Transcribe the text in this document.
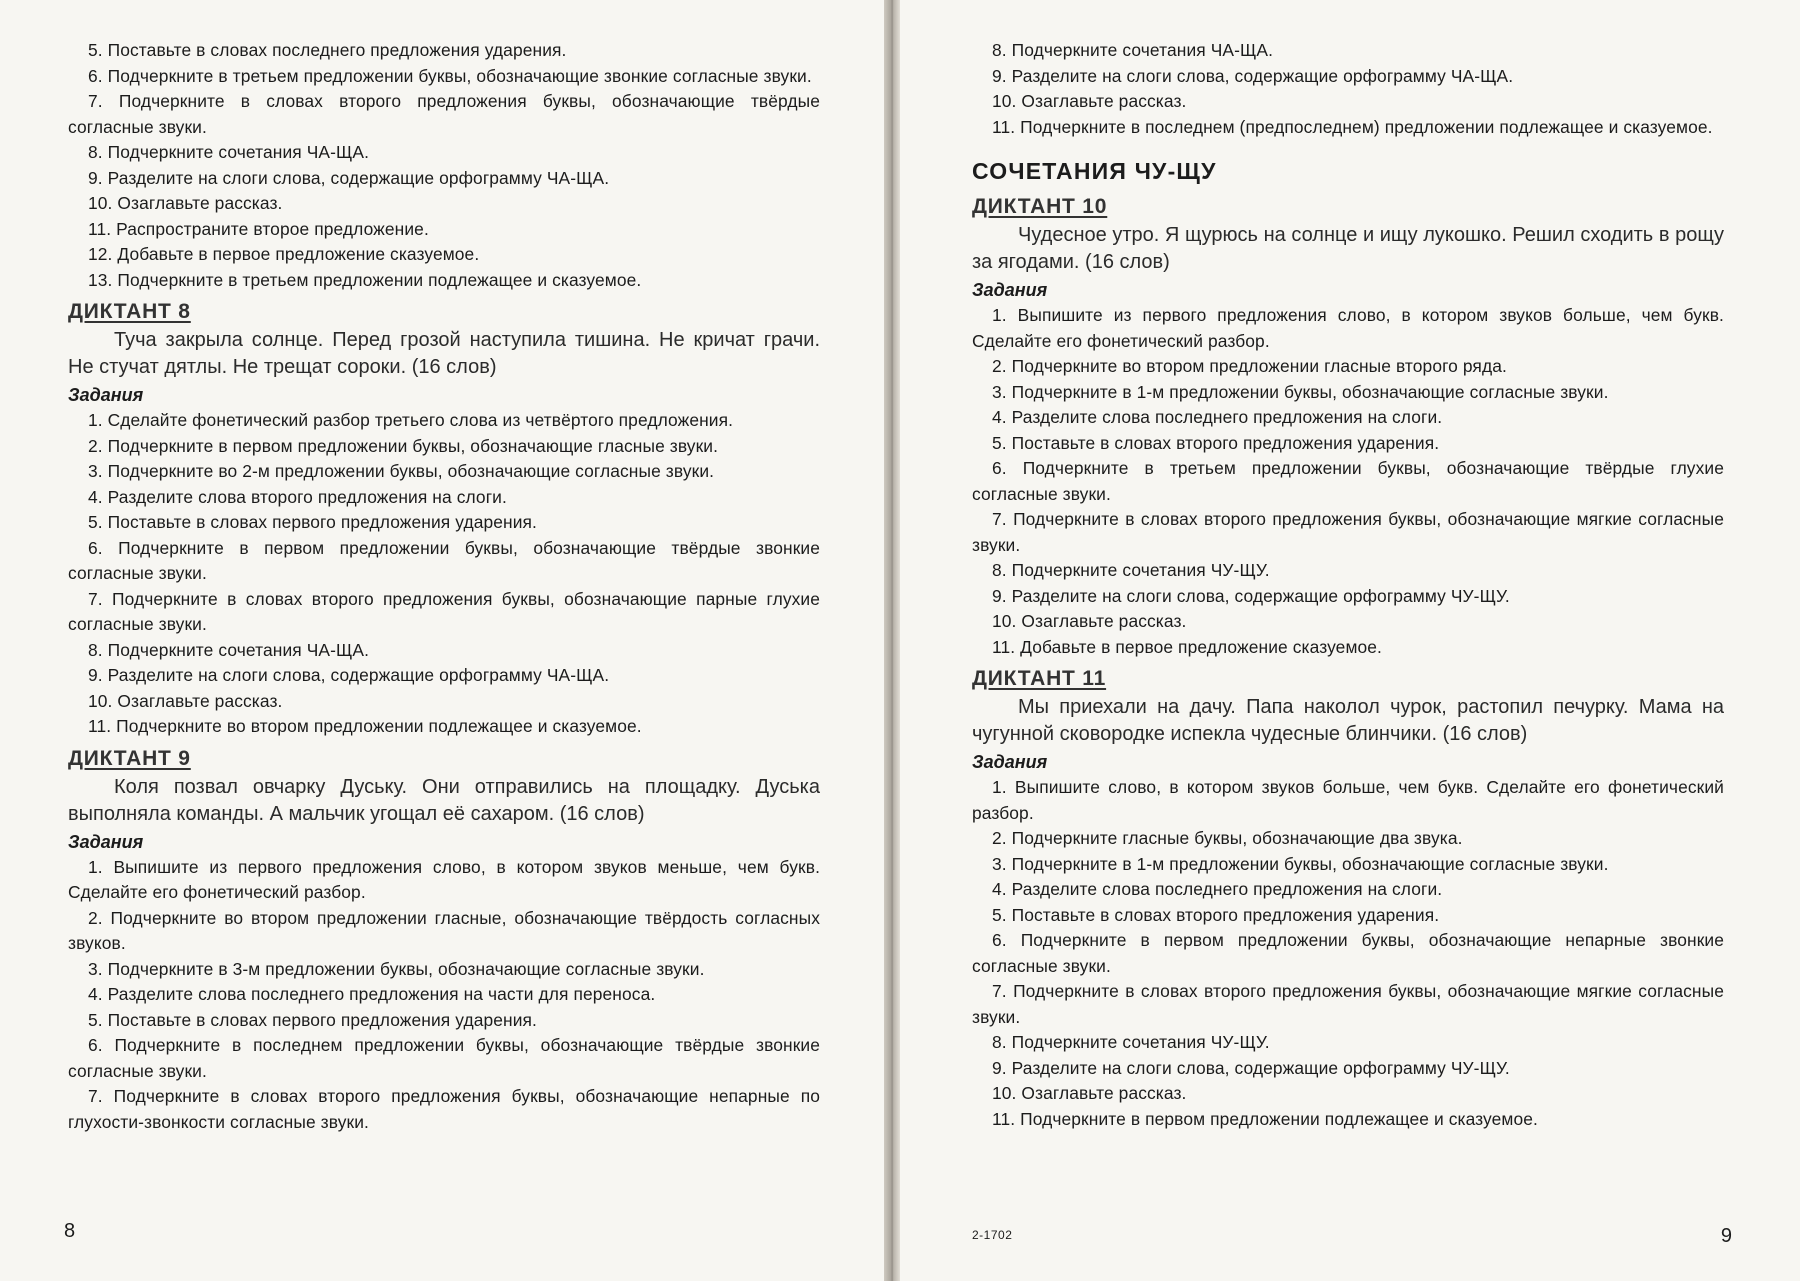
5. Поставьте в словах последнего предложения ударения.
6. Подчеркните в третьем предложении буквы, обозначающие звонкие согласные звуки.
7. Подчеркните в словах второго предложения буквы, обозначающие твёрдые согласные звуки.
8. Подчеркните сочетания ЧА-ЩА.
9. Разделите на слоги слова, содержащие орфограмму ЧА-ЩА.
10. Озаглавьте рассказ.
11. Распространите второе предложение.
12. Добавьте в первое предложение сказуемое.
13. Подчеркните в третьем предложении подлежащее и сказуемое.
ДИКТАНТ 8

Туча закрыла солнце. Перед грозой наступила тишина. Не кричат грачи. Не стучат дятлы. Не трещат сороки. (16 слов)

Задания
1. Сделайте фонетический разбор третьего слова из четвёртого предложения.
2. Подчеркните в первом предложении буквы, обозначающие гласные звуки.
3. Подчеркните во 2-м предложении буквы, обозначающие согласные звуки.
4. Разделите слова второго предложения на слоги.
5. Поставьте в словах первого предложения ударения.
6. Подчеркните в первом предложении буквы, обозначающие твёрдые звонкие согласные звуки.
7. Подчеркните в словах второго предложения буквы, обозначающие парные глухие согласные звуки.
8. Подчеркните сочетания ЧА-ЩА.
9. Разделите на слоги слова, содержащие орфограмму ЧА-ЩА.
10. Озаглавьте рассказ.
11. Подчеркните во втором предложении подлежащее и сказуемое.
ДИКТАНТ 9

Коля позвал овчарку Дуську. Они отправились на площадку. Дуська выполняла команды. А мальчик угощал её сахаром. (16 слов)

Задания
1. Выпишите из первого предложения слово, в котором звуков меньше, чем букв. Сделайте его фонетический разбор.
2. Подчеркните во втором предложении гласные, обозначающие твёрдость согласных звуков.
3. Подчеркните в 3-м предложении буквы, обозначающие согласные звуки.
4. Разделите слова последнего предложения на части для переноса.
5. Поставьте в словах первого предложения ударения.
6. Подчеркните в последнем предложении буквы, обозначающие твёрдые звонкие согласные звуки.
7. Подчеркните в словах второго предложения буквы, обозначающие непарные по глухости-звонкости согласные звуки.
8
8. Подчеркните сочетания ЧА-ЩА.
9. Разделите на слоги слова, содержащие орфограмму ЧА-ЩА.
10. Озаглавьте рассказ.
11. Подчеркните в последнем (предпоследнем) предложении подлежащее и сказуемое.
СОЧЕТАНИЯ ЧУ-ЩУ
ДИКТАНТ 10

Чудесное утро. Я щурюсь на солнце и ищу лукошко. Решил сходить в рощу за ягодами. (16 слов)

Задания
1. Выпишите из первого предложения слово, в котором звуков больше, чем букв. Сделайте его фонетический разбор.
2. Подчеркните во втором предложении гласные второго ряда.
3. Подчеркните в 1-м предложении буквы, обозначающие согласные звуки.
4. Разделите слова последнего предложения на слоги.
5. Поставьте в словах второго предложения ударения.
6. Подчеркните в третьем предложении буквы, обозначающие твёрдые глухие согласные звуки.
7. Подчеркните в словах второго предложения буквы, обозначающие мягкие согласные звуки.
8. Подчеркните сочетания ЧУ-ЩУ.
9. Разделите на слоги слова, содержащие орфограмму ЧУ-ЩУ.
10. Озаглавьте рассказ.
11. Добавьте в первое предложение сказуемое.
ДИКТАНТ 11

Мы приехали на дачу. Папа наколол чурок, растопил печурку. Мама на чугунной сковородке испекла чудесные блинчики. (16 слов)

Задания
1. Выпишите слово, в котором звуков больше, чем букв. Сделайте его фонетический разбор.
2. Подчеркните гласные буквы, обозначающие два звука.
3. Подчеркните в 1-м предложении буквы, обозначающие согласные звуки.
4. Разделите слова последнего предложения на слоги.
5. Поставьте в словах второго предложения ударения.
6. Подчеркните в первом предложении буквы, обозначающие непарные звонкие согласные звуки.
7. Подчеркните в словах второго предложения буквы, обозначающие мягкие согласные звуки.
8. Подчеркните сочетания ЧУ-ЩУ.
9. Разделите на слоги слова, содержащие орфограмму ЧУ-ЩУ.
10. Озаглавьте рассказ.
11. Подчеркните в первом предложении подлежащее и сказуемое.
2-1702	9
